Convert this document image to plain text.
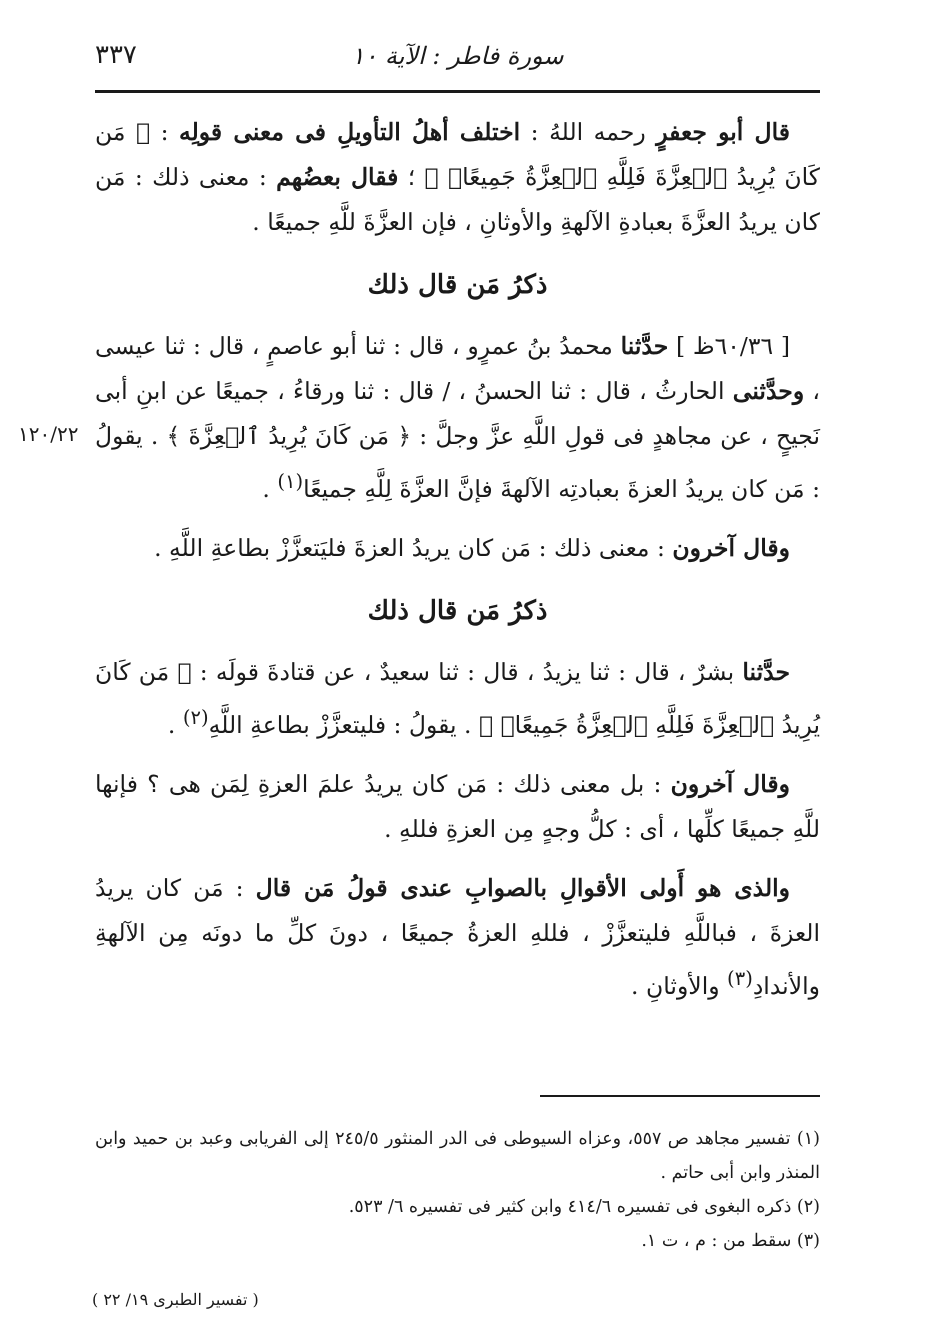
٣٣٧	سورة فاطر : الآية ١٠
١٢٠/٢٢

قال أبو جعفرٍ رحمه اللهُ : اختلف أهلُ التأويلِ فى معنى قولِه : ﴿ مَن كَانَ يُرِيدُ ٱلۡعِزَّةَ فَلِلَّهِ ٱلۡعِزَّةُ جَمِيعًاۚ ﴾ ؛ فقال بعضُهم : معنى ذلك : مَن كان يريدُ العزَّةَ بعبادةِ الآلهةِ والأوثانِ ، فإن العزَّةَ للَّهِ جميعًا .

ذكرُ مَن قال ذلك

[ ٦٠/٣٦ظ ] حدَّثنا محمدُ بنُ عمرٍو ، قال : ثنا أبو عاصمٍ ، قال : ثنا عيسى ، وحدَّثنى الحارثُ ، قال : ثنا الحسنُ ، / قال : ثنا ورقاءُ ، جميعًا عن ابنِ أبى نَجيحٍ ، عن مجاهدٍ فى قولِ اللَّهِ عزَّ وجلَّ : ﴿ مَن كَانَ يُرِيدُ ٱلۡعِزَّةَ ﴾ . يقولُ : مَن كان يريدُ العزةَ بعبادتِه الآلهةَ فإنَّ العزَّةَ لِلَّهِ جميعًا$^{(١)}$ .

وقال آخرون : معنى ذلك : مَن كان يريدُ العزةَ فليَتعزَّزْ بطاعةِ اللَّهِ .

ذكرُ مَن قال ذلك

حدَّثنا بشرٌ ، قال : ثنا يزيدُ ، قال : ثنا سعيدٌ ، عن قتادةَ قولَه : ﴿ مَن كَانَ يُرِيدُ ٱلۡعِزَّةَ فَلِلَّهِ ٱلۡعِزَّةُ جَمِيعًاۚ ﴾ . يقولُ : فليتعزَّزْ بطاعةِ اللَّهِ$^{(٢)}$ .

وقال آخرون : بل معنى ذلك : مَن كان يريدُ علمَ العزةِ لِمَن هى ؟ فإنها للَّهِ جميعًا كلِّها ، أى : كلُّ وجهٍ مِن العزةِ فللهِ .

والذى هو أَولى الأقوالِ بالصوابِ عندى قولُ مَن قال : مَن كان يريدُ العزةَ ، فباللَّهِ فليتعزَّزْ ، فللهِ العزةُ جميعًا ، دونَ كلِّ ما دونَه مِن الآلهةِ والأندادِ$^{(٣)}$ والأوثانِ .

(١) تفسير مجاهد ص ٥٥٧، وعزاه السيوطى فى الدر المنثور ٢٤٥/٥ إلى الفريابى وعبد بن حميد وابن المنذر وابن أبى حاتم .

(٢) ذكره البغوى فى تفسيره ٤١٤/٦ وابن كثير فى تفسيره ٦/ ٥٢٣.

(٣) سقط من : م ، ت ١.

( تفسير الطبرى ١٩/ ٢٢ )
